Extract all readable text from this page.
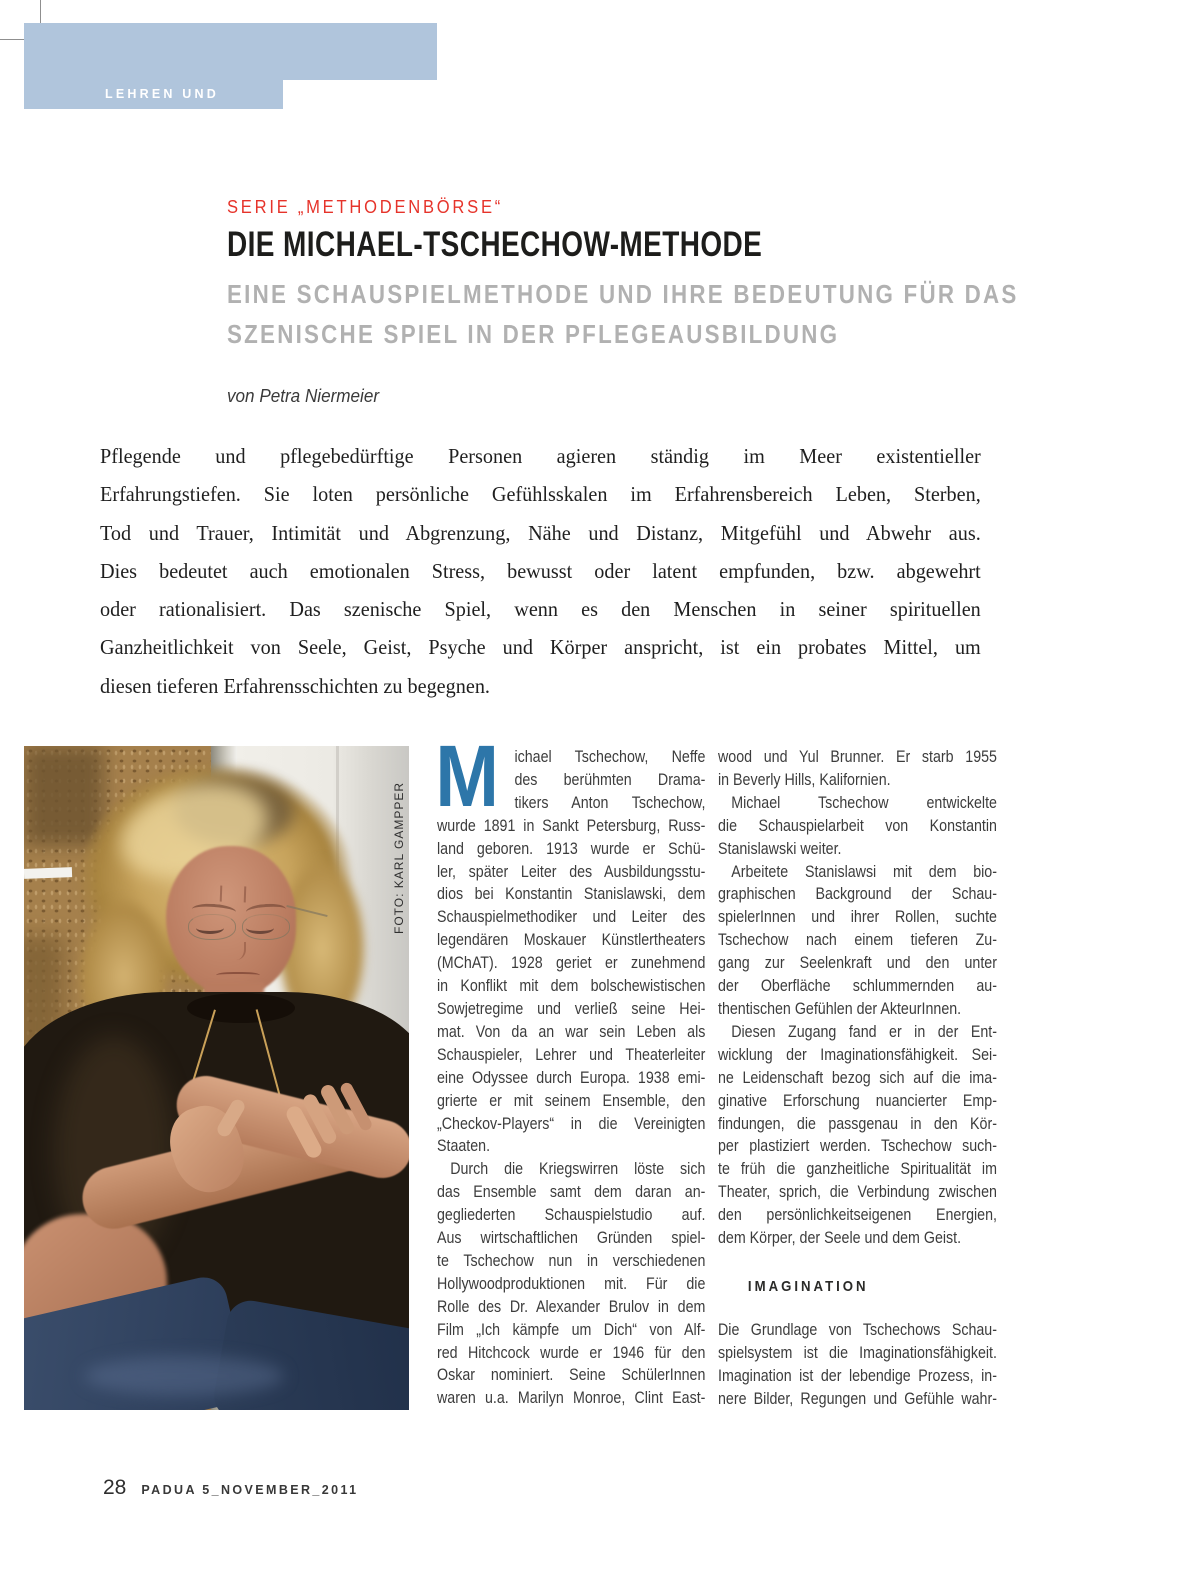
LEHREN UND LERNEN
SERIE „METHODENBÖRSE“
DIE MICHAEL-TSCHECHOW-METHODE
EINE SCHAUSPIELMETHODE UND IHRE BEDEUTUNG FÜR DAS
SZENISCHE SPIEL IN DER PFLEGEAUSBILDUNG
von Petra Niermeier
Pflegende und pflegebedürftige Personen agieren ständig im Meer existentieller
Erfahrungstiefen. Sie loten persönliche Gefühlsskalen im Erfahrensbereich Leben, Sterben,
Tod und Trauer, Intimität und Abgrenzung, Nähe und Distanz, Mitgefühl und Abwehr aus.
Dies bedeutet auch emotionalen Stress, bewusst oder latent empfunden, bzw. abgewehrt
oder rationalisiert. Das szenische Spiel, wenn es den Menschen in seiner spirituellen
Ganzheitlichkeit von Seele, Geist, Psyche und Körper anspricht, ist ein probates Mittel, um
diesen tieferen Erfahrensschichten zu begegnen.
FOTO: KARL GAMPPER
M ichael Tschechow, Neffe
des berühmten Drama-
tikers Anton Tschechow,
wurde 1891 in Sankt Petersburg, Russ-
land geboren. 1913 wurde er Schü-
ler, später Leiter des Ausbildungsstu-
dios bei Konstantin Stanislawski, dem
Schauspielmethodiker und Leiter des
legendären Moskauer Künstlertheaters
(MChAT). 1928 geriet er zunehmend
in Konflikt mit dem bolschewistischen
Sowjetregime und verließ seine Hei-
mat. Von da an war sein Leben als
Schauspieler, Lehrer und Theaterleiter
eine Odyssee durch Europa. 1938 emi-
grierte er mit seinem Ensemble, den
„Checkov-Players“ in die Vereinigten
Staaten.
Durch die Kriegswirren löste sich
das Ensemble samt dem daran an-
gegliederten Schauspielstudio auf.
Aus wirtschaftlichen Gründen spiel-
te Tschechow nun in verschiedenen
Hollywoodproduktionen mit. Für die
Rolle des Dr. Alexander Brulov in dem
Film „Ich kämpfe um Dich“ von Alf-
red Hitchcock wurde er 1946 für den
Oskar nominiert. Seine SchülerInnen
waren u.a. Marilyn Monroe, Clint East-
wood und Yul Brunner. Er starb 1955
in Beverly Hills, Kalifornien.
Michael Tschechow entwickelte
die Schauspielarbeit von Konstantin
Stanislawski weiter.
Arbeitete Stanislawsi mit dem bio-
graphischen Background der Schau-
spielerInnen und ihrer Rollen, suchte
Tschechow nach einem tieferen Zu-
gang zur Seelenkraft und den unter
der Oberfläche schlummernden au-
thentischen Gefühlen der AkteurInnen.
Diesen Zugang fand er in der Ent-
wicklung der Imaginationsfähigkeit. Sei-
ne Leidenschaft bezog sich auf die ima-
ginative Erforschung nuancierter Emp-
findungen, die passgenau in den Kör-
per plastiziert werden. Tschechow such-
te früh die ganzheitliche Spiritualität im
Theater, sprich, die Verbindung zwischen
den persönlichkeitseigenen Energien,
dem Körper, der Seele und dem Geist.
IMAGINATION
Die Grundlage von Tschechows Schau-
spielsystem ist die Imaginationsfähigkeit.
Imagination ist der lebendige Prozess, in-
nere Bilder, Regungen und Gefühle wahr-
28 PADUA 5_NOVEMBER_2011
